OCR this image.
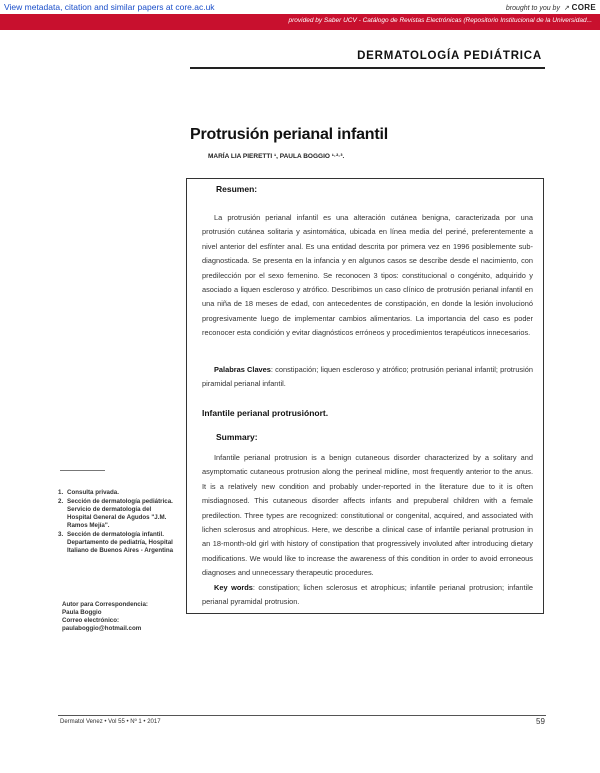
View metadata, citation and similar papers at core.ac.uk	brought to you by  ↗ CORE
provided by Saber UCV - Catálogo de Revistas Electrónicas (Repositorio Institucional de la Universidad...
DERMATOLOGÍA PEDIÁTRICA
Protrusión perianal infantil
MARÍA LIA PIERETTI ¹, PAULA BOGGIO ¹·²·³.
Resumen:
La protrusión perianal infantil es una alteración cutánea benigna, caracterizada por una protrusión cutánea solitaria y asintomática, ubicada en línea media del periné, preferentemente a nivel anterior del esfínter anal. Es una entidad descrita por primera vez en 1996 posiblemente sub-diagnosticada. Se presenta en la infancia y en algunos casos se describe desde el nacimiento, con predilección por el sexo femenino. Se reconocen 3 tipos: constitucional o congénito, adquirido y asociado a liquen escleroso y atrófico. Describimos un caso clínico de protrusión perianal infantil en una niña de 18 meses de edad, con antecedentes de constipación, en donde la lesión involucionó progresivamente luego de implementar cambios alimentarios. La importancia del caso es poder reconocer esta condición y evitar diagnósticos erróneos y procedimientos terapéuticos innecesarios.
Palabras Claves: constipación; liquen escleroso y atrófico; protrusión perianal infantil; protrusión piramidal perianal infantil.
Infantile perianal protrusiónort.
Summary:
Infantile perianal protrusion is a benign cutaneous disorder characterized by a solitary and asymptomatic cutaneous protrusion along the perineal midline, most frequently anterior to the anus. It is a relatively new condition and probably under-reported in the literature due to it is often misdiagnosed. This cutaneous disorder affects infants and prepuberal children with a female predilection. Three types are recognized: constitutional or congenital, acquired, and associated with lichen sclerosus and atrophicus. Here, we describe a clinical case of infantile perianal protrusion in an 18-month-old girl with history of constipation that progressively involuted after introducing dietary modifications. We would like to increase the awareness of this condition in order to avoid erroneous diagnoses and unnecessary therapeutic procedures.
Key words: constipation; lichen sclerosus et atrophicus; infantile perianal protrusion; infantile perianal pyramidal protrusion.
1. Consulta privada.
2. Sección de dermatología pediátrica. Servicio de dermatología del Hospital General de Agudos "J.M. Ramos Mejía".
3. Sección de dermatología infantil. Departamento de pediatría, Hospital Italiano de Buenos Aires - Argentina
Autor para Correspondencia:
Paula Boggio
Correo electrónico:
paulaboggio@hotmail.com
Dermatol Venez • Vol 55 • Nº 1 • 2017	59
